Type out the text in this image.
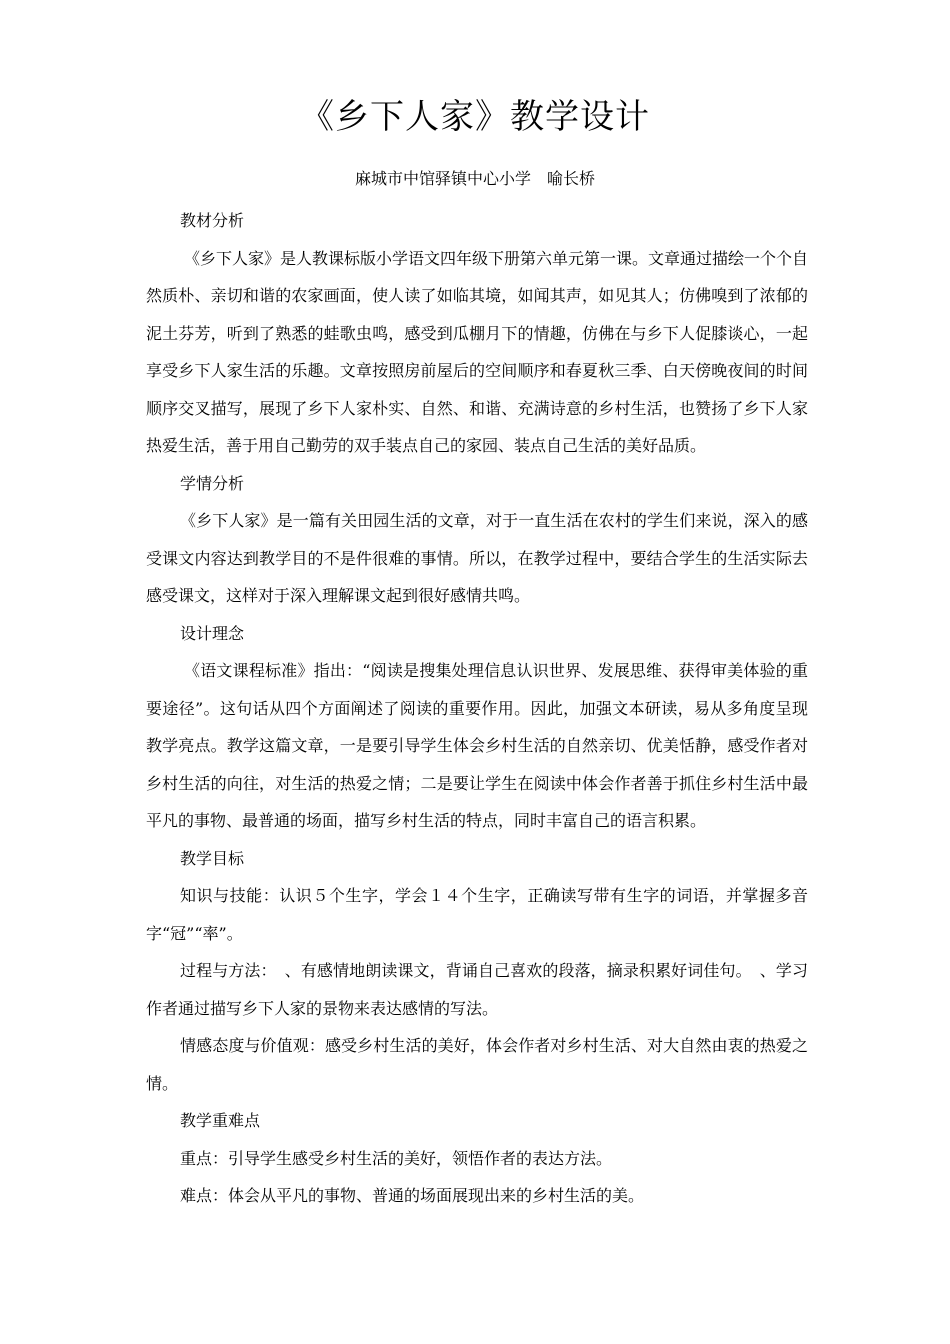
《乡下人家》教学设计
麻城市中馆驿镇中心小学　喻长桥

教材分析

《乡下人家》是人教课标版小学语文四年级下册第六单元第一课。文章通过描绘一个个自然质朴、亲切和谐的农家画面，使人读了如临其境，如闻其声，如见其人；仿佛嗅到了浓郁的泥土芬芳，听到了熟悉的蛙歌虫鸣，感受到瓜棚月下的情趣，仿佛在与乡下人促膝谈心，一起享受乡下人家生活的乐趣。文章按照房前屋后的空间顺序和春夏秋三季、白天傍晚夜间的时间顺序交叉描写，展现了乡下人家朴实、自然、和谐、充满诗意的乡村生活，也赞扬了乡下人家热爱生活，善于用自己勤劳的双手装点自己的家园、装点自己生活的美好品质。

学情分析

《乡下人家》是一篇有关田园生活的文章，对于一直生活在农村的学生们来说，深入的感受课文内容达到教学目的不是件很难的事情。所以，在教学过程中，要结合学生的生活实际去感受课文，这样对于深入理解课文起到很好感情共鸣。

设计理念

《语文课程标准》指出：“阅读是搜集处理信息认识世界、发展思维、获得审美体验的重要途径”。这句话从四个方面阐述了阅读的重要作用。因此，加强文本研读，易从多角度呈现教学亮点。教学这篇文章，一是要引导学生体会乡村生活的自然亲切、优美恬静，感受作者对乡村生活的向往，对生活的热爱之情；二是要让学生在阅读中体会作者善于抓住乡村生活中最平凡的事物、最普通的场面，描写乡村生活的特点，同时丰富自己的语言积累。

教学目标

知识与技能：认识５个生字，学会１４个生字，正确读写带有生字的词语，并掌握多音字“冠”“率”。

过程与方法：　、有感情地朗读课文，背诵自己喜欢的段落，摘录积累好词佳句。　、学习作者通过描写乡下人家的景物来表达感情的写法。

情感态度与价值观：感受乡村生活的美好，体会作者对乡村生活、对大自然由衷的热爱之情。

教学重难点

重点：引导学生感受乡村生活的美好，领悟作者的表达方法。

难点：体会从平凡的事物、普通的场面展现出来的乡村生活的美。
